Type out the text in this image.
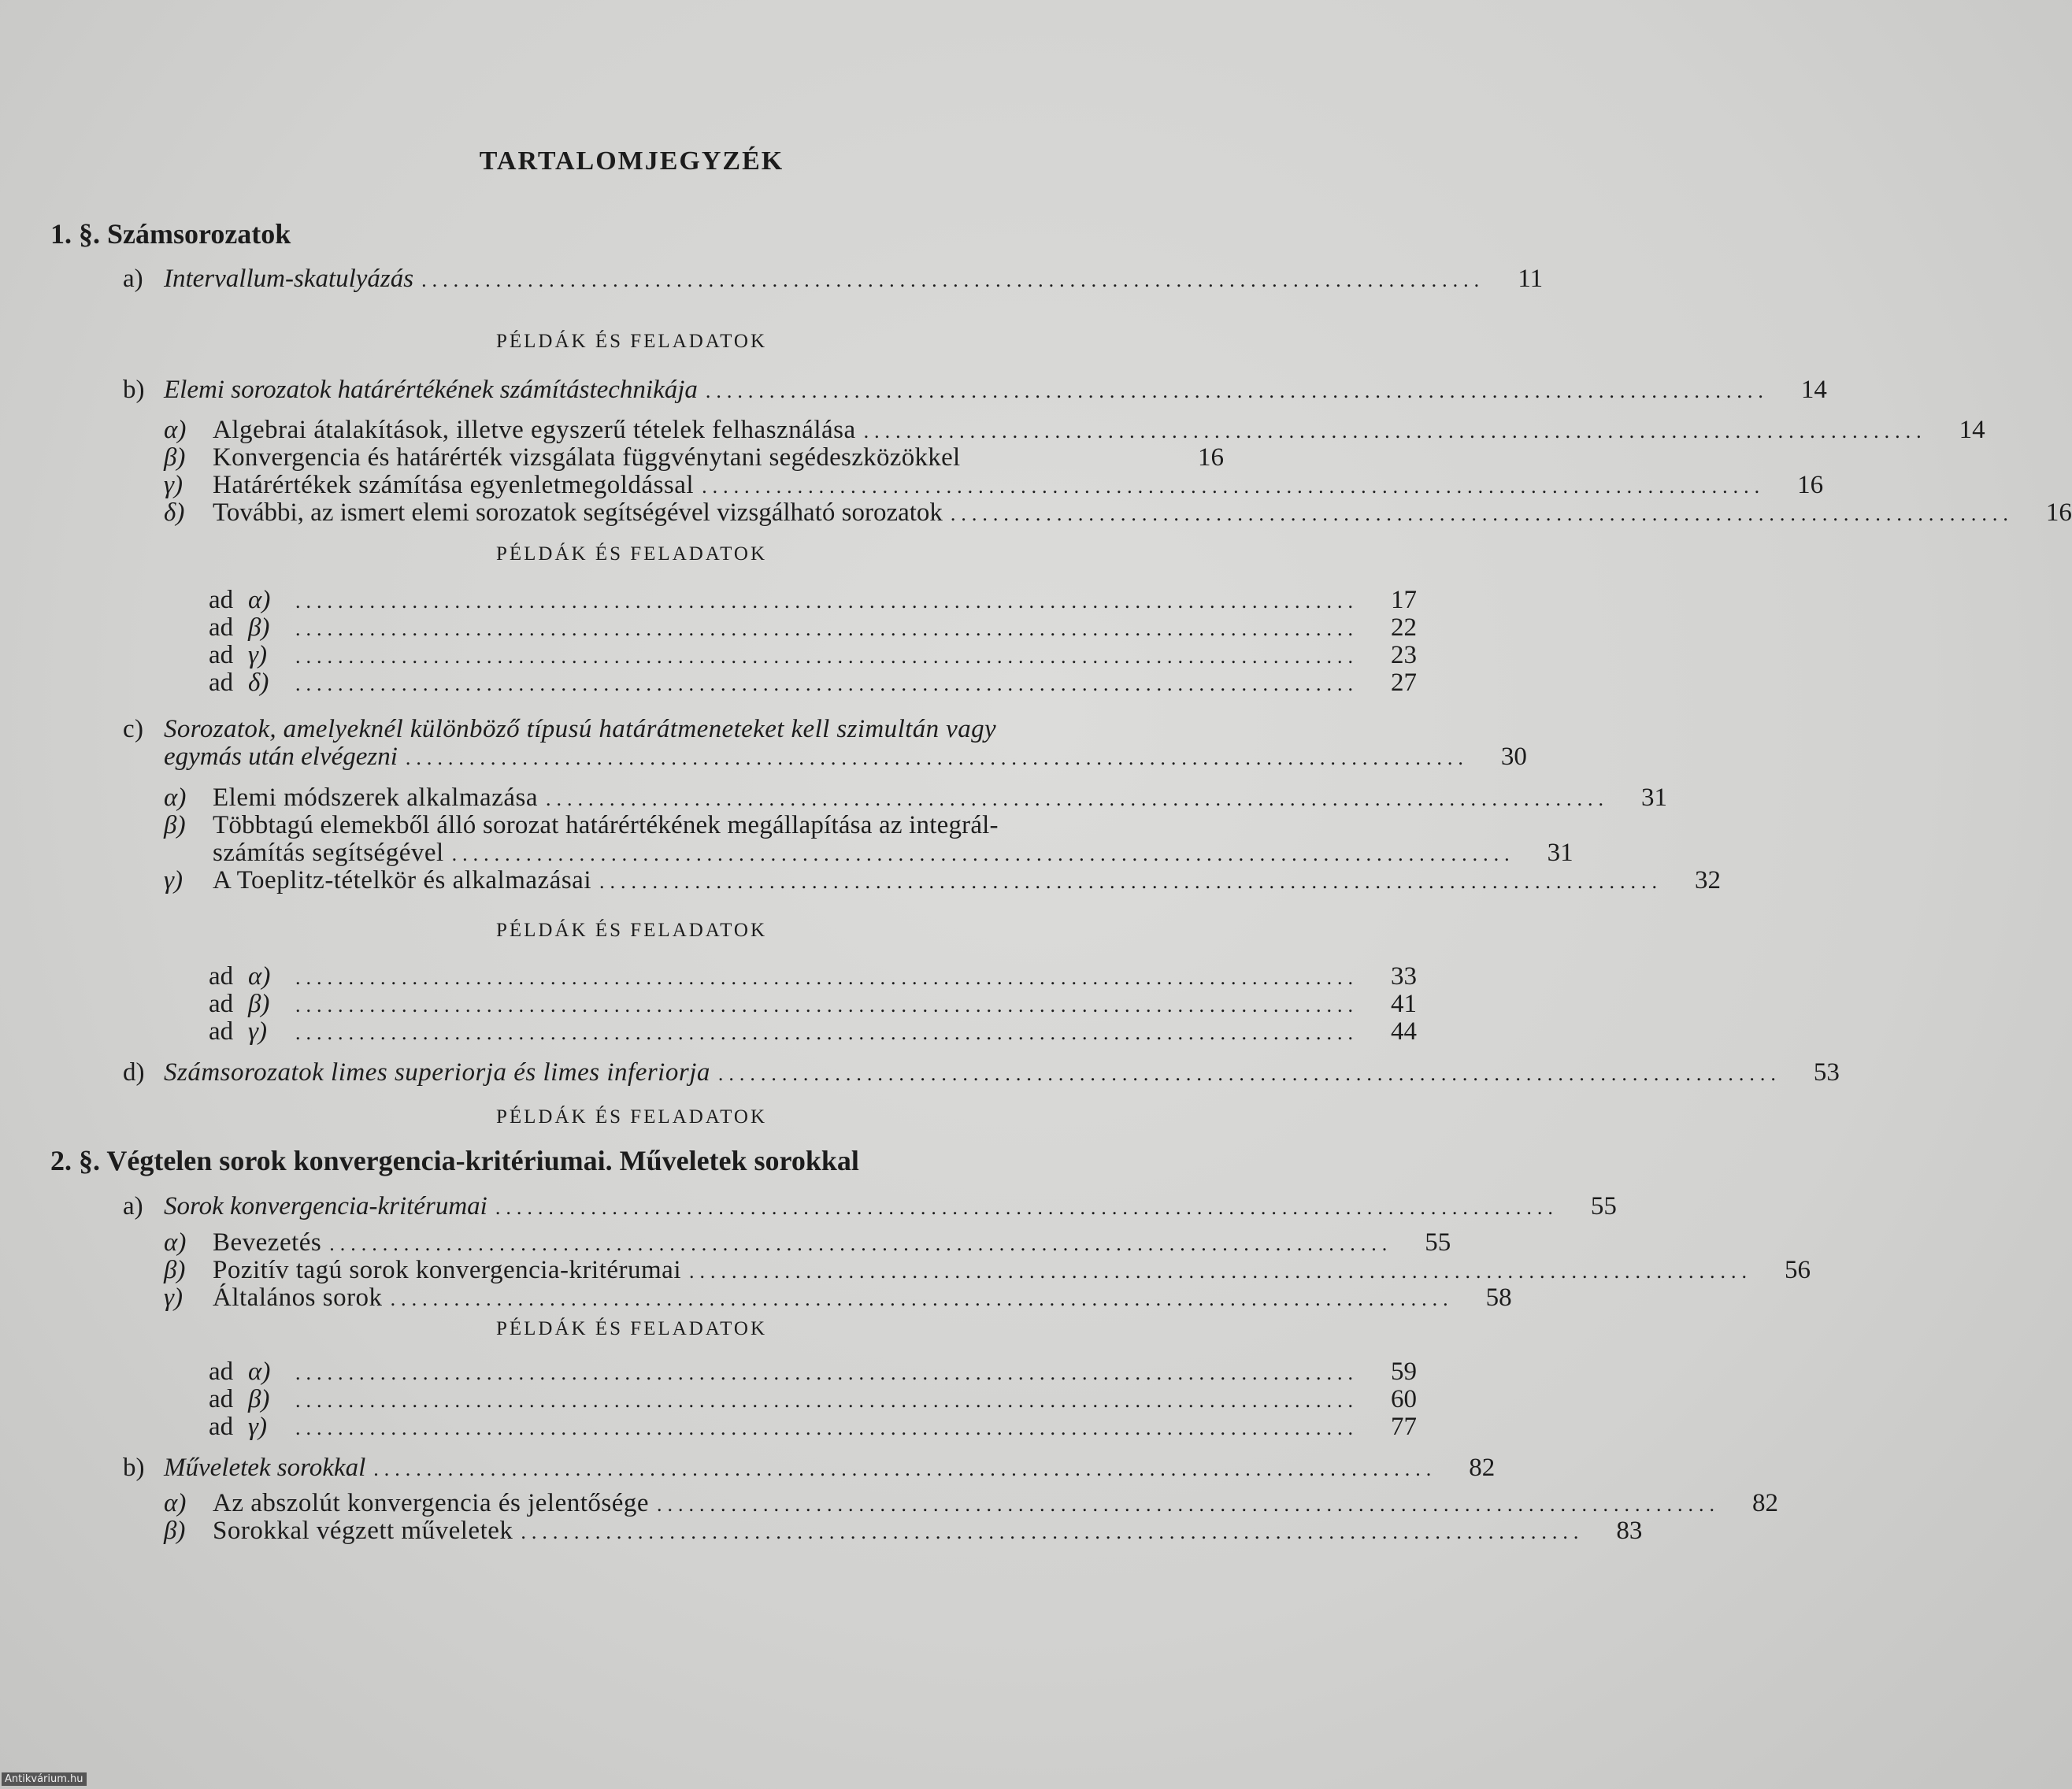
TARTALOMJEGYZÉK
1. §. Számsorozatok
a) Intervallum-skatulyázás ....................................................................................................	11
PÉLDÁK ÉS FELADATOK
b) Elemi sorozatok határértékének számítástechnikája ....................................................................................................	14
α)	Algebrai átalakítások, illetve egyszerű tételek felhasználása ....................................................................................................	14
β)	Konvergencia és határérték vizsgálata függvénytani segédeszközökkel	16
γ)	Határértékek számítása egyenletmegoldással ....................................................................................................	16
δ)	További, az ismert elemi sorozatok segítségével vizsgálható sorozatok ....................................................................................................	16
PÉLDÁK ÉS FELADATOK
ad α)	....................................................................................................	17
ad β)	....................................................................................................	22
ad γ)	....................................................................................................	23
ad δ)	....................................................................................................	27
c) Sorozatok, amelyeknél különböző típusú határátmeneteket kell szimultán vagy
egymás után elvégezni ....................................................................................................	30
α)	Elemi módszerek alkalmazása ....................................................................................................	31
β) Többtagú elemekből álló sorozat határértékének megállapítása az integrál-
számítás segítségével ....................................................................................................	31
γ)	A Toeplitz-tételkör és alkalmazásai ....................................................................................................	32
PÉLDÁK ÉS FELADATOK
ad α)	....................................................................................................	33
ad β)	....................................................................................................	41
ad γ)	....................................................................................................	44
d) Számsorozatok limes superiorja és limes inferiorja ....................................................................................................	53
PÉLDÁK ÉS FELADATOK
2. §. Végtelen sorok konvergencia-kritériumai. Műveletek sorokkal
a) Sorok konvergencia-kritérumai ....................................................................................................	55
α)	Bevezetés ....................................................................................................	55
β)	Pozitív tagú sorok konvergencia-kritérumai ....................................................................................................	56
γ)	Általános sorok ....................................................................................................	58
PÉLDÁK ÉS FELADATOK
ad α)	....................................................................................................	59
ad β)	....................................................................................................	60
ad γ)	....................................................................................................	77
b) Műveletek sorokkal ....................................................................................................	82
α)	Az abszolút konvergencia és jelentősége ....................................................................................................	82
β)	Sorokkal végzett műveletek ....................................................................................................	83
Antikvárium.hu
